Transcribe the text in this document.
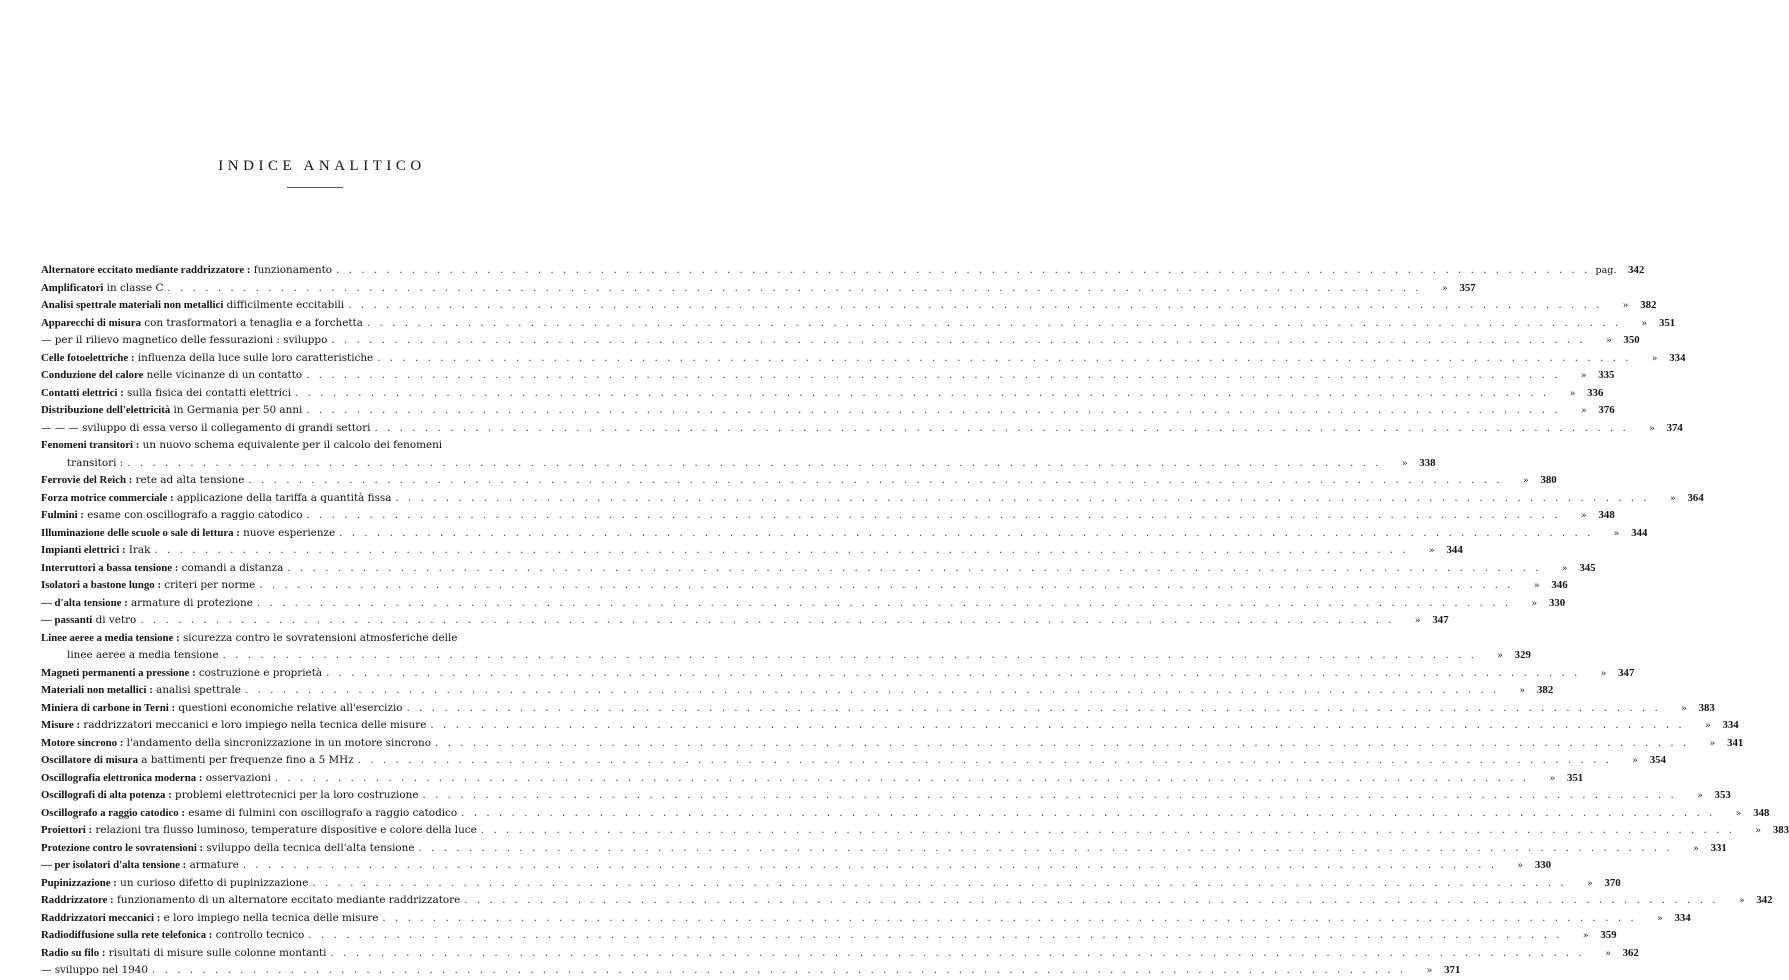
INDICE ANALITICO
Alternatore eccitato mediante raddrizzatore : funzionamento . . .	pag.	342
Amplificatori in classe C . . .	»	357
Analisi spettrale materiali non metallici difficilmente eccitabili . . .	»	382
Apparecchi di misura con trasformatori a tenaglia e a forchetta . . .	»	351
— per il rilievo magnetico delle fessurazioni : sviluppo . . .	»	350
Celle fotoelettriche : influenza della luce sulle loro caratteristiche . . .	»	334
Conduzione del calore nelle vicinanze di un contatto . . .	»	335
Contatti elettrici : sulla fisica dei contatti elettrici . . .	»	336
Distribuzione dell'elettricità in Germania per 50 anni . . .	»	376
— — — sviluppo di essa verso il collegamento di grandi settori . . .	»	374
Fenomeni transitori : un nuovo schema equivalente per il calcolo dei fenomeni
transitori : . . .	»	338
Ferrovie del Reich : rete ad alta tensione . . .	»	380
Forza motrice commerciale : applicazione della tariffa a quantità fissa . . .	»	364
Fulmini : esame con oscillografo a raggio catodico . . .	»	348
Illuminazione delle scuole o sale di lettura : nuove esperienze . . .	»	344
Impianti elettrici : Irak . . .	»	344
Interruttori a bassa tensione : comandi a distanza . . .	»	345
Isolatori a bastone lungo : criteri per norme . . .	»	346
— d'alta tensione : armature di protezione . . .	»	330
— passanti di vetro . . .	»	347
Linee aeree a media tensione : sicurezza contro le sovratensioni atmosferiche delle
linee aeree a media tensione . . .	»	329
Magneti permanenti a pressione : costruzione e proprietà . . .	»	347
Materiali non metallici : analisi spettrale . . .	»	382
Miniera di carbone in Terni : questioni economiche relative all'esercizio . . .	»	383
Misure : raddrizzatori meccanici e loro impiego nella tecnica delle misure . . .	»	334
Motore sincrono : l'andamento della sincronizzazione in un motore sincrono . . .	»	341
Oscillatore di misura a battimenti per frequenze fino a 5 MHz . . .	»	354
Oscillografia elettronica moderna : osservazioni . . .	»	351
Oscillografi di alta potenza : problemi elettrotecnici per la loro costruzione . . .	»	353
Oscillografo a raggio catodico : esame di fulmini con oscillografo a raggio catodico . . .	»	348
Proiettori : relazioni tra flusso luminoso, temperature dispositive e colore della luce . . .	»	383
Protezione contro le sovratensioni : sviluppo della tecnica dell'alta tensione . . .	»	331
— per isolatori d'alta tensione : armature . . .	»	330
Pupinizzazione : un curioso difetto di pupinizzazione . . .	»	370
Raddrizzatore : funzionamento di un alternatore eccitato mediante raddrizzatore . . .	»	342
Raddrizzatori meccanici : e loro impiego nella tecnica delle misure . . .	»	334
Radiodiffusione sulla rete telefonica : controllo tecnico . . .	»	359
Radio su filo : risultati di misure sulle colonne montanti . . .	»	362
— sviluppo nel 1940 . . .	»	371
